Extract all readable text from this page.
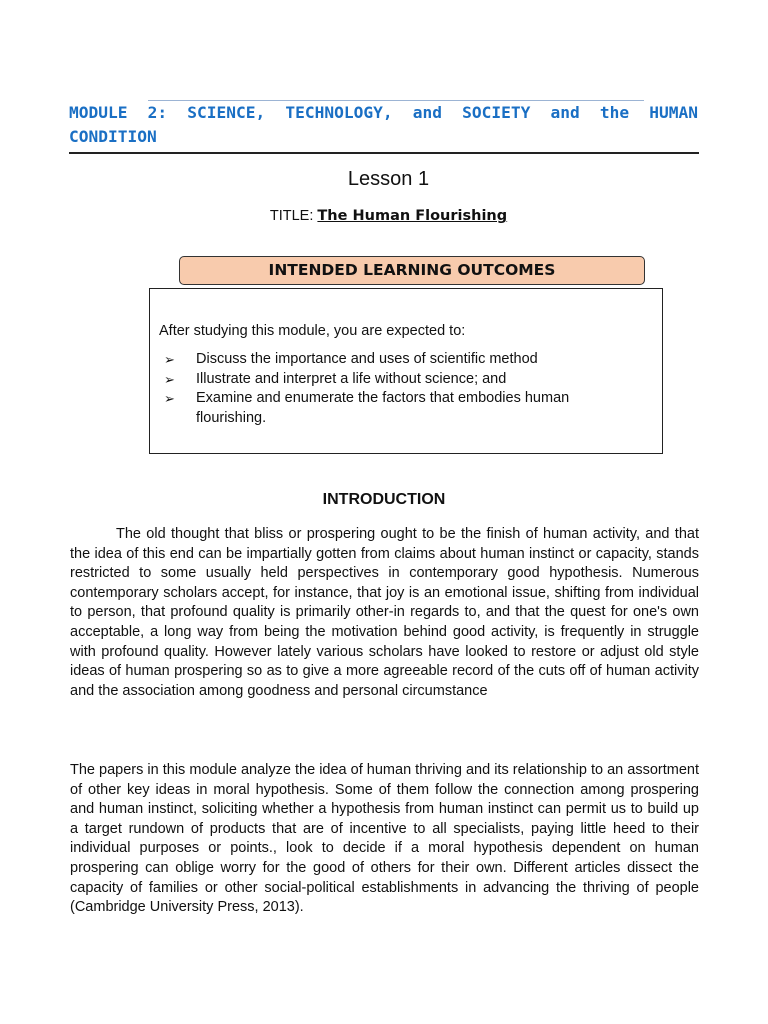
MODULE 2: SCIENCE, TECHNOLOGY, and SOCIETY and the HUMAN CONDITION
Lesson 1
TITLE: The Human Flourishing
INTENDED LEARNING OUTCOMES

After studying this module, you are expected to:

➢ Discuss the importance and uses of scientific method
➢ Illustrate and interpret a life without science; and
➢ Examine and enumerate the factors that embodies human flourishing.
INTRODUCTION

The old thought that bliss or prospering ought to be the finish of human activity, and that the idea of this end can be impartially gotten from claims about human instinct or capacity, stands restricted to some usually held perspectives in contemporary good hypothesis. Numerous contemporary scholars accept, for instance, that joy is an emotional issue, shifting from individual to person, that profound quality is primarily other-in regards to, and that the quest for one's own acceptable, a long way from being the motivation behind good activity, is frequently in struggle with profound quality. However lately various scholars have looked to restore or adjust old style ideas of human prospering so as to give a more agreeable record of the cuts off of human activity and the association among goodness and personal circumstance

The papers in this module analyze the idea of human thriving and its relationship to an assortment of other key ideas in moral hypothesis. Some of them follow the connection among prospering and human instinct, soliciting whether a hypothesis from human instinct can permit us to build up a target rundown of products that are of incentive to all specialists, paying little heed to their individual purposes or points., look to decide if a moral hypothesis dependent on human prospering can oblige worry for the good of others for their own. Different articles dissect the capacity of families or other social-political establishments in advancing the thriving of people (Cambridge University Press, 2013).
